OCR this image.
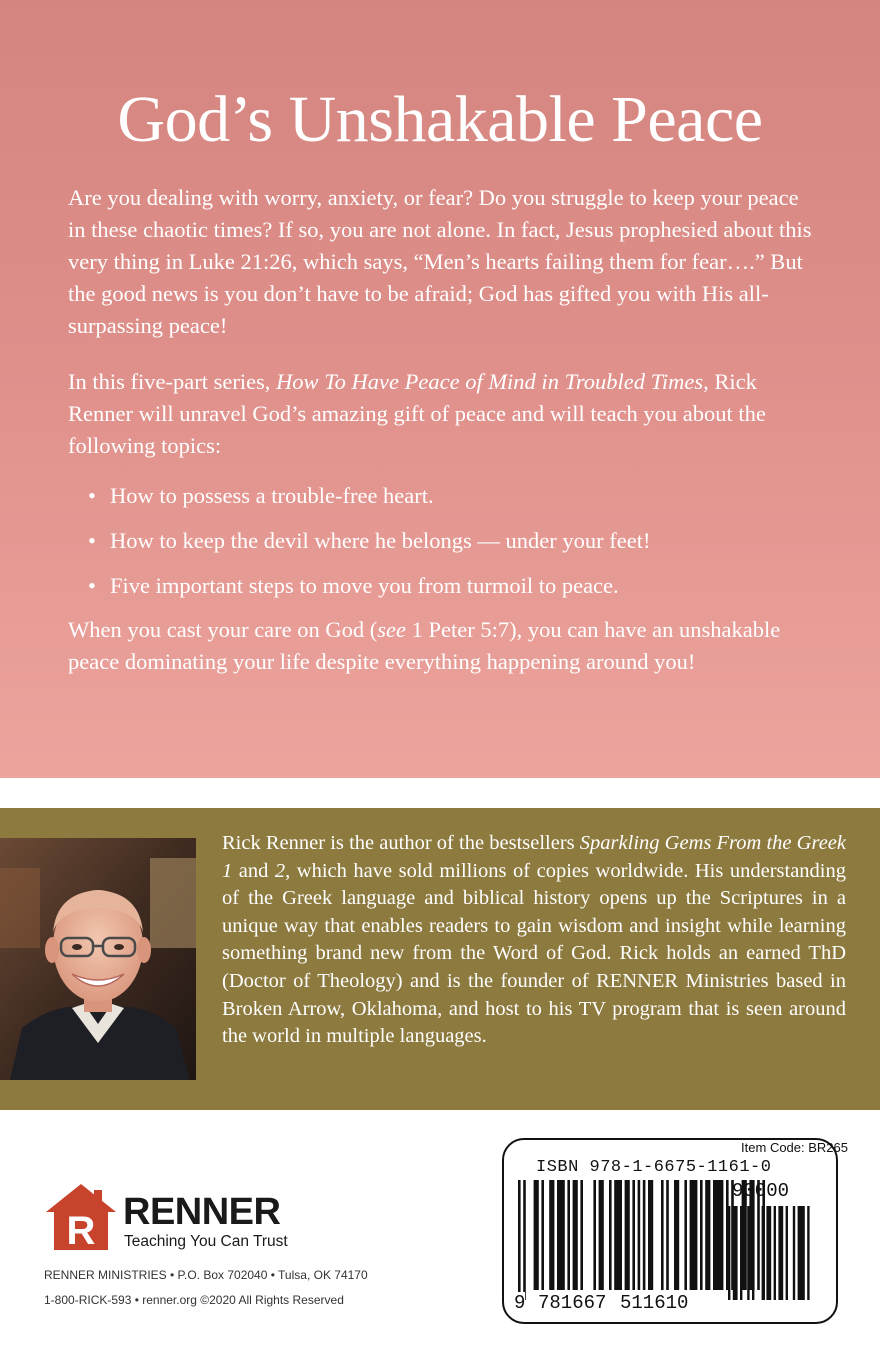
God’s Unshakable Peace

Are you dealing with worry, anxiety, or fear? Do you struggle to keep your peace in these chaotic times? If so, you are not alone. In fact, Jesus prophesied about this very thing in Luke 21:26, which says, “Men’s hearts failing them for fear….” But the good news is you don’t have to be afraid; God has gifted you with His all-surpassing peace!

In this five-part series, How To Have Peace of Mind in Troubled Times, Rick Renner will unravel God’s amazing gift of peace and will teach you about the following topics:

• How to possess a trouble-free heart.
• How to keep the devil where he belongs — under your feet!
• Five important steps to move you from turmoil to peace.

When you cast your care on God (see 1 Peter 5:7), you can have an unshakable peace dominating your life despite everything happening around you!

Rick Renner is the author of the bestsellers Sparkling Gems From the Greek 1 and 2, which have sold millions of copies worldwide. His understanding of the Greek language and biblical history opens up the Scriptures in a unique way that enables readers to gain wisdom and insight while learning something brand new from the Word of God. Rick holds an earned ThD (Doctor of Theology) and is the founder of RENNER Ministries based in Broken Arrow, Oklahoma, and host to his TV program that is seen around the world in multiple languages.

R RENNER
Teaching You Can Trust
RENNER MINISTRIES • P.O. Box 702040 • Tulsa, OK 74170
1-800-RICK-593 • renner.org ©2020 All Rights Reserved
Item Code: BR265
ISBN 978-1-6675-1161-0
90000
9 781667 511610
